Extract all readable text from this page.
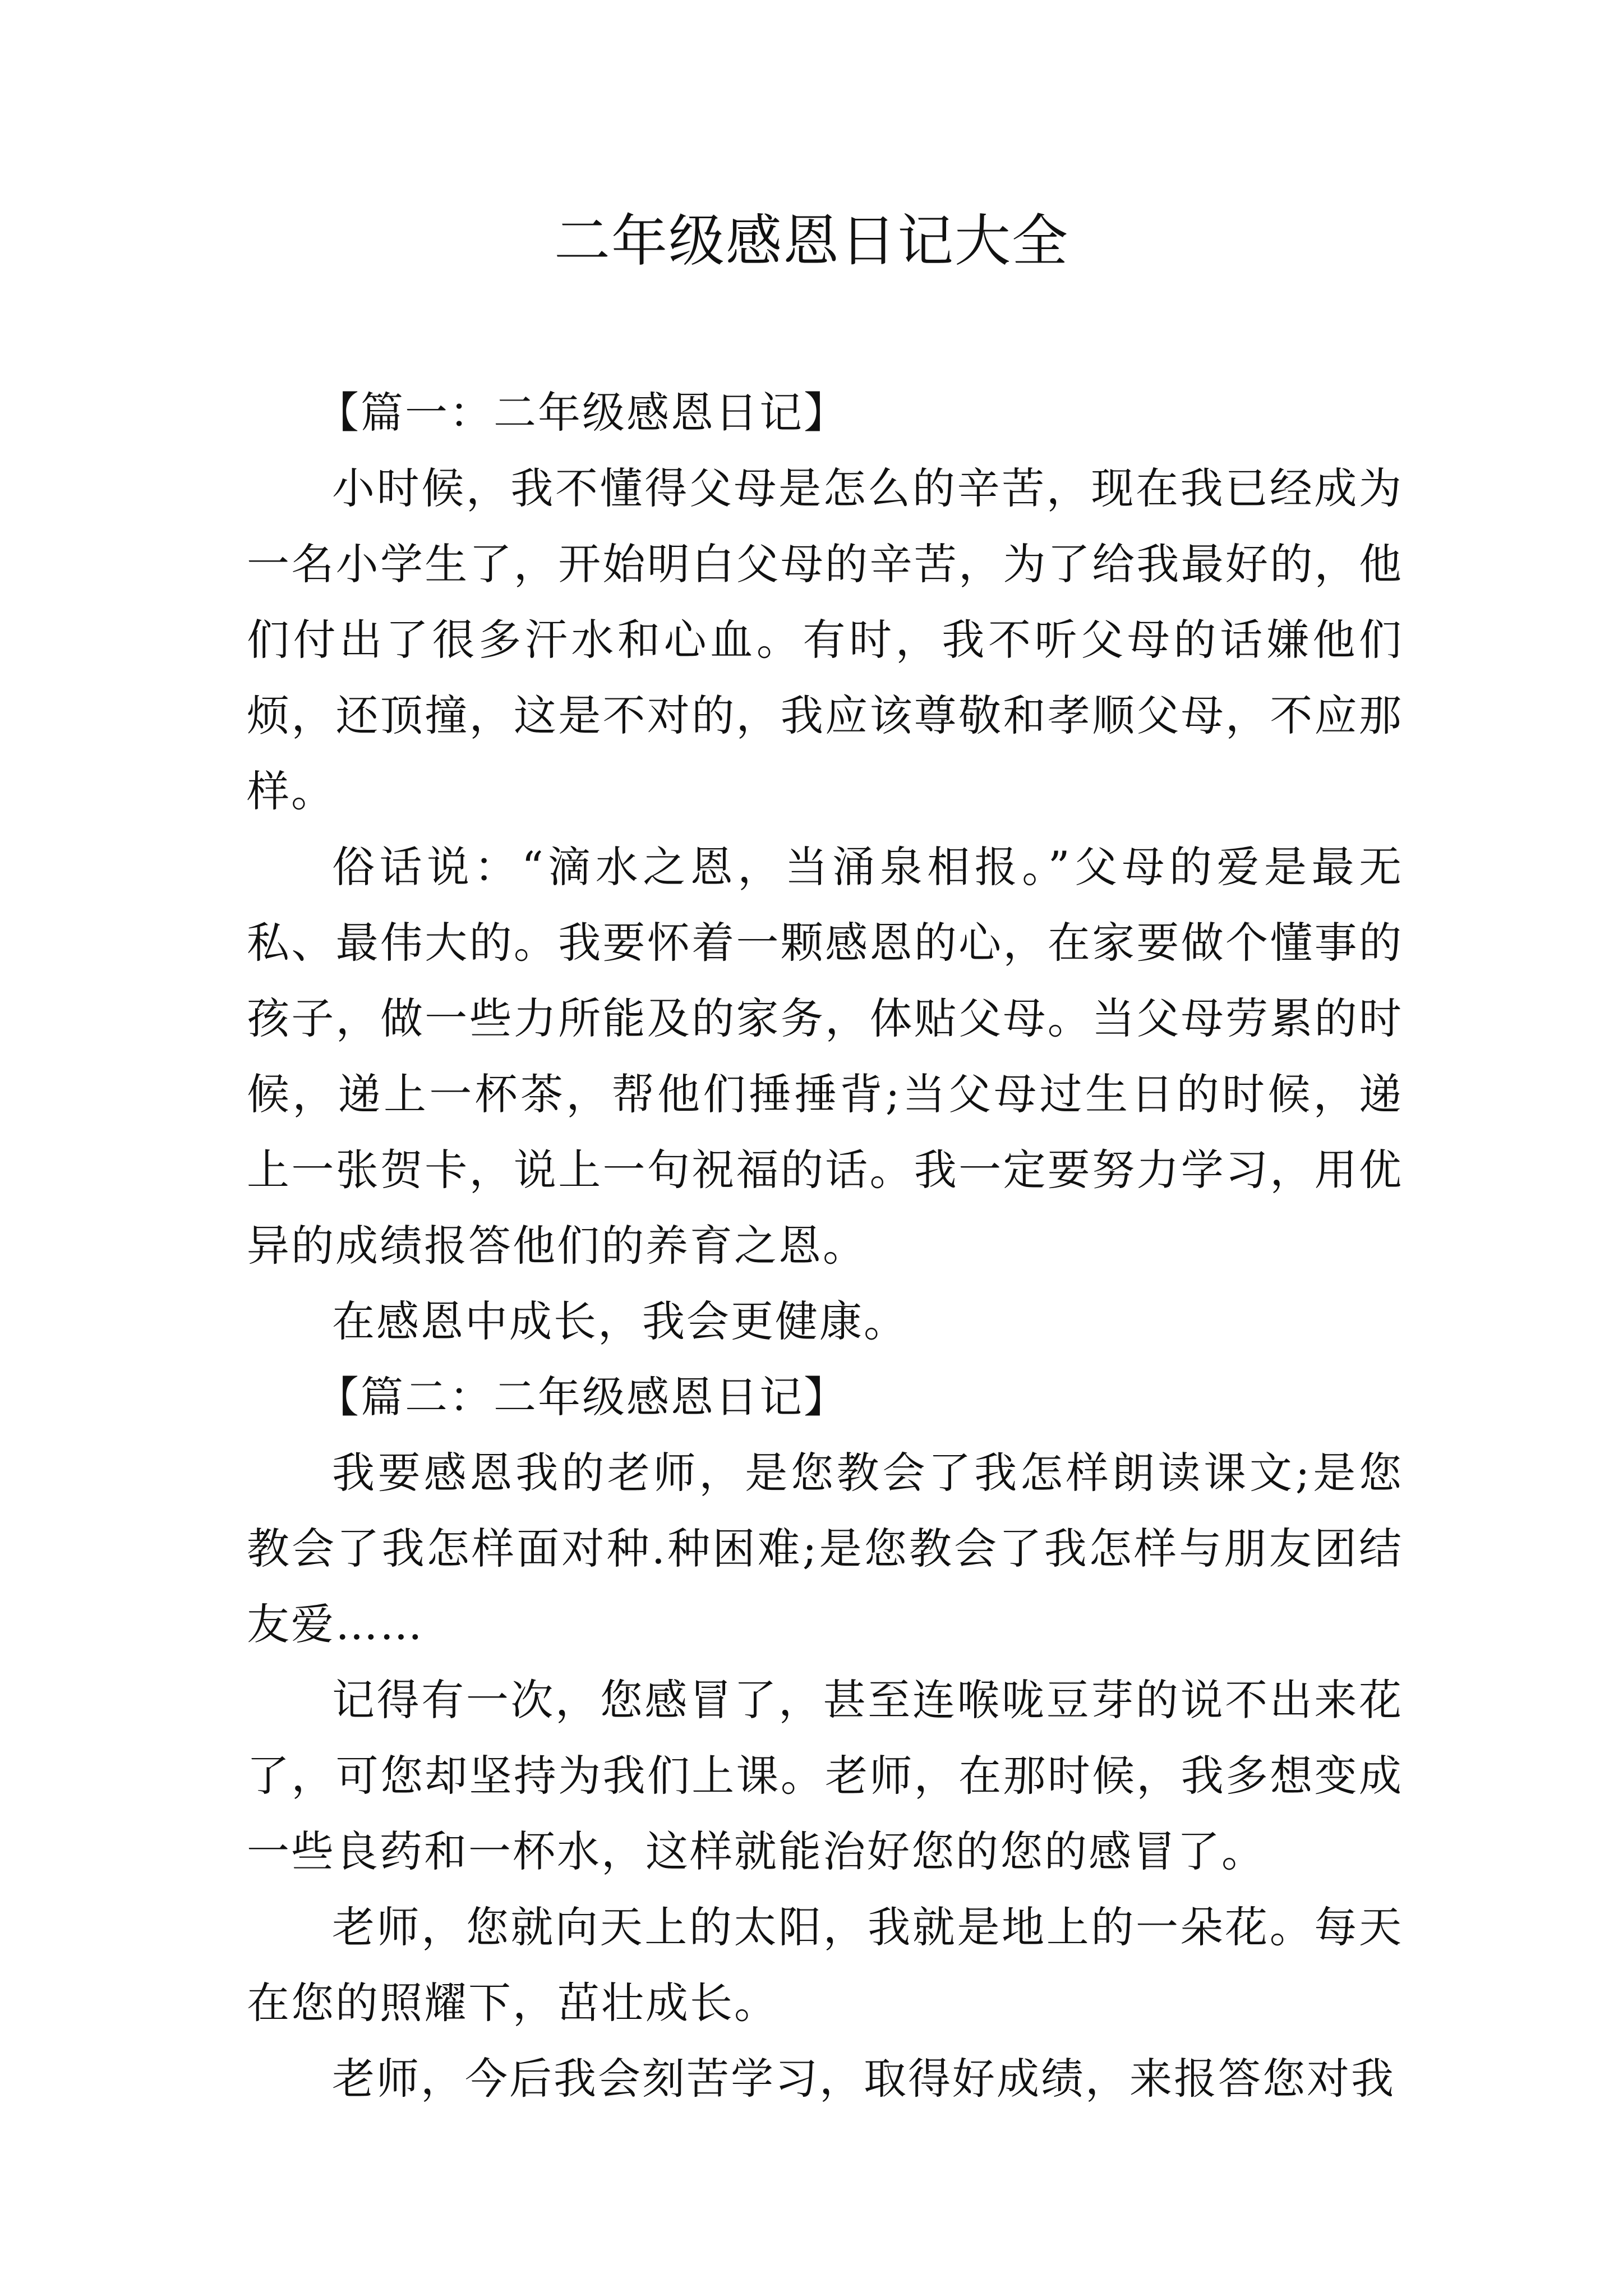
二年级感恩日记大全

【篇一：二年级感恩日记】

小时候，我不懂得父母是怎么的辛苦，现在我已经成为一名小学生了，开始明白父母的辛苦，为了给我最好的，他们付出了很多汗水和心血。有时，我不听父母的话嫌他们烦，还顶撞，这是不对的，我应该尊敬和孝顺父母，不应那样。

俗话说：“滴水之恩，当涌泉相报。”父母的爱是最无私、最伟大的。我要怀着一颗感恩的心，在家要做个懂事的孩子，做一些力所能及的家务，体贴父母。当父母劳累的时候，递上一杯茶，帮他们捶捶背;当父母过生日的时候，递上一张贺卡，说上一句祝福的话。我一定要努力学习，用优异的成绩报答他们的养育之恩。

在感恩中成长，我会更健康。

【篇二：二年级感恩日记】

我要感恩我的老师，是您教会了我怎样朗读课文;是您教会了我怎样面对种.种困难;是您教会了我怎样与朋友团结友爱……

记得有一次，您感冒了，甚至连喉咙豆芽的说不出来花了，可您却坚持为我们上课。老师，在那时候，我多想变成一些良药和一杯水，这样就能治好您的您的感冒了。

老师，您就向天上的太阳，我就是地上的一朵花。每天在您的照耀下，茁壮成长。

老师，今后我会刻苦学习，取得好成绩，来报答您对我
